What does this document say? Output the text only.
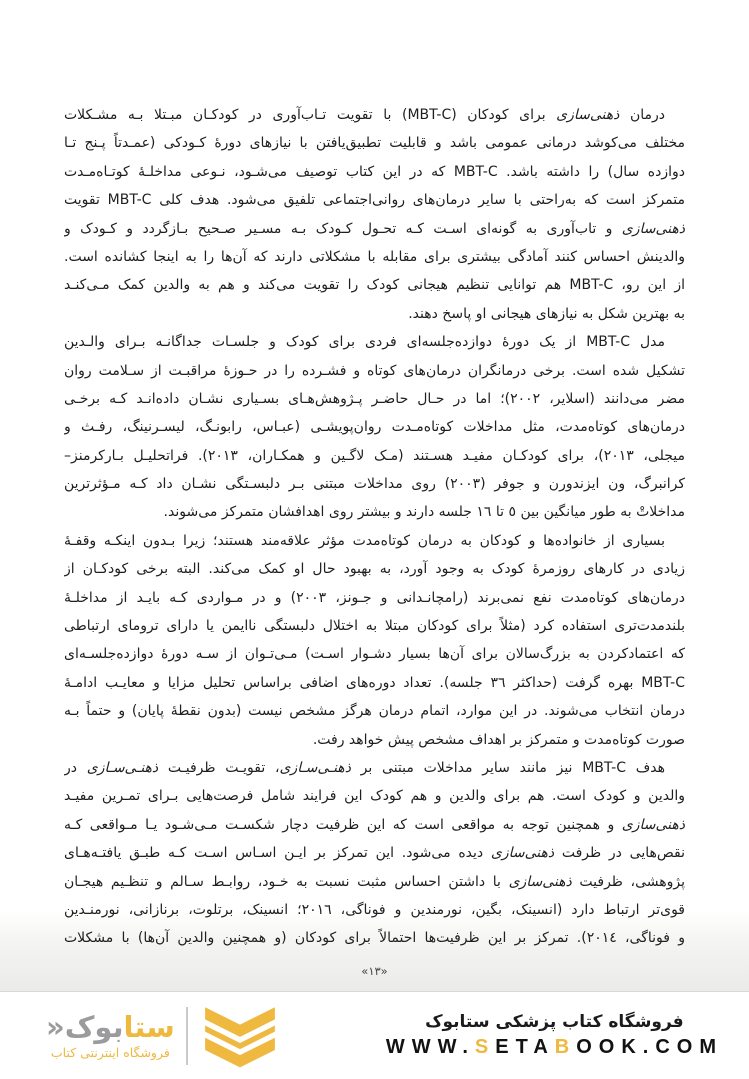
درمان ذهنی‌سازی برای کودکان (MBT-C) با تقویت تـاب‌آوری در کودکـان مبـتلا بـه مشـکلات
مختلف می‌کوشد درمانی عمومی باشد و قابلیت تطبیق‌یافتن با نیازهای دورهٔ کـودکی (عمـدتاً پـنج تـا
دوازده سال) را داشته باشد. MBT-C که در این کتاب توصیف می‌شـود، نـوعی مداخلـهٔ کوتـاه‌مـدت
متمرکز است که به‌راحتی با سایر درمان‌های روانی‌اجتماعی تلفیق می‌شود. هدف کلی MBT-C تقویت
ذهنی‌سازی و تاب‌آوری به گونه‌ای اسـت کـه تحـول کـودک بـه مسـیر صـحیح بـازگردد و کـودک و
والدینش احساس کنند آمادگی بیشتری برای مقابله با مشکلاتی دارند که آن‌ها را به اینجا کشانده است.
از این رو، MBT-C هم توانایی تنظیم هیجانی کودک را تقویت می‌کند و هم به والدین کمک مـی‌کنـد
به بهترین شکل به نیازهای هیجانی او پاسخ دهند.
مدل MBT-C از یک دورهٔ دوازده‌جلسه‌ای فردی برای کودک و جلسـات جداگانـه بـرای والـدین
تشکیل شده است. برخی درمانگران درمان‌های کوتاه و فشـرده را در حـوزهٔ مراقبـت از سـلامت روان
مضر می‌دانند (اسلایر، ٢٠٠٢)؛ اما در حـال حاضـر پـژوهش‌هـای بسـیاری نشـان داده‌انـد کـه برخـی
درمان‌های کوتاه‌مدت، مثل مداخلات کوتاه‌مـدت روان‌پویشـی (عبـاس، رابونـگ، لیسـرنینگ، رفـث و
میجلی، ٢٠١٣)، برای کودکـان مفیـد هسـتند (مـک لاگـین و همکـاران، ٢٠١٣). فراتحلیـل بـارکرمنز–
کرانبرگ، ون ایزندورن و جوفر (٢٠٠٣) روی مداخلات مبتنی بـر دلبسـتگی نشـان داد کـه مـؤثرترین
مداخلاتْ به طور میانگین بین ٥ تا ١٦ جلسه دارند و بیشتر روی اهدافشان متمرکز می‌شوند.
بسیاری از خانواده‌ها و کودکان به درمان کوتاه‌مدت مؤثر علاقه‌مند هستند؛ زیرا بـدون اینکـه وقفـهٔ
زیادی در کارهای روزمرهٔ کودک به وجود آورد، به بهبود حال او کمک می‌کند. البته برخی کودکـان از
درمان‌های کوتاه‌مدت نفع نمی‌برند (رامچانـدانی و جـونز، ٢٠٠٣) و در مـواردی کـه بایـد از مداخلـهٔ
بلندمدت‌تری استفاده کرد (مثلاً برای کودکان مبتلا به اختلال دلبستگی ناایمن یا دارای ترومای ارتباطی
که اعتمادکردن به بزرگ‌سالان برای آن‌ها بسیار دشـوار اسـت) مـی‌تـوان از سـه دورهٔ دوازده‌جلسـه‌ای
MBT-C بهره گرفت (حداکثر ٣٦ جلسه). تعداد دوره‌های اضافی براساس تحلیل مزایا و معایـب ادامـهٔ
درمان انتخاب می‌شوند. در این موارد، اتمام درمان هرگز مشخص نیست (بدون نقطهٔ پایان) و حتماً بـه
صورت کوتاه‌مدت و متمرکز بر اهداف مشخص پیش خواهد رفت.
هدف MBT-C نیز مانند سایر مداخلات مبتنی بر ذهنـی‌سـازی، تقویـت ظرفیـت ذهنـی‌سـازی در
والدین و کودک است. هم برای والدین و هم کودک این فرایند شامل فرصت‌هایی بـرای تمـرین مفیـد
ذهنی‌سازی و همچنین توجه به مواقعی است که این ظرفیت دچار شکسـت مـی‌شـود یـا مـواقعی کـه
نقص‌هایی در ظرفت ذهنی‌سازی دیده می‌شود. این تمرکز بر ایـن اسـاس اسـت کـه طبـق یافتـه‌هـای
پژوهشی، ظرفیت ذهنی‌سازی با داشتن احساس مثبت نسبت به خـود، روابـط سـالم و تنظـیم هیجـان
قوی‌تر ارتباط دارد (انسینک، بگین، نورمندین و فوناگی، ٢٠١٦؛ انسینک، برتلوت، برنازانی، نورمنـدین
و فوناگی، ٢٠١٤). تمرکز بر این ظرفیت‌ها احتمالاً برای کودکان (و همچنین والدین آن‌ها) با مشکلات
«١٣»
ستابوک«
فروشگاه اینترنتی کتاب
فروشگاه کتاب پزشکی ستابوک
WWW.SETABOOK.COM
